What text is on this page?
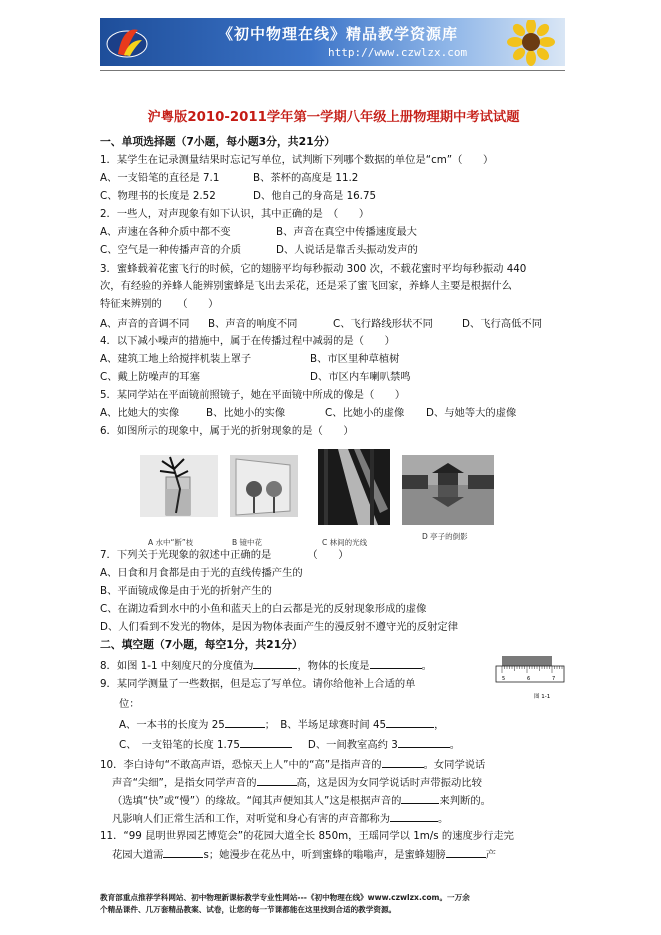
《初中物理在线》精品教学资源库
http://www.czwlzx.com
沪粤版2010-2011学年第一学期八年级上册物理期中考试试题
一、单项选择题（7小题，每小题3分，共21分）
1．某学生在记录测量结果时忘记写单位，试判断下列哪个数据的单位是“cm”（　　）
A、一支铅笔的直径是 7.1	B、茶杯的高度是 11.2
C、物理书的长度是 2.52	D、他自己的身高是 16.75
2．一些人，对声现象有如下认识，其中正确的是　（　　）
A、声速在各种介质中都不变	B、声音在真空中传播速度最大
C、空气是一种传播声音的介质	D、人说话是靠舌头振动发声的
3．蜜蜂载着花蜜飞行的时候，它的翅膀平均每秒振动 300 次，不载花蜜时平均每秒振动 440
次，有经验的养蜂人能辨别蜜蜂是飞出去采花，还是采了蜜飞回家，养蜂人主要是根据什么
特征来辨别的　　（　　）
A、声音的音调不同 B、声音的响度不同	C、飞行路线形状不同	D、飞行高低不同
4．以下减小噪声的措施中，属于在传播过程中减弱的是（　　）
A、建筑工地上给搅拌机装上罩子	B、市区里种草植树
C、戴上防噪声的耳塞	D、市区内车喇叭禁鸣
5．某同学站在平面镜前照镜子，她在平面镜中所成的像是（　　）
A、比她大的实像	B、比她小的实像	C、比她小的虚像 D、与她等大的虚像
6．如图所示的现象中，属于光的折射现象的是（　　）
A 水中“断”枝	B 镜中花	C 林间的光线
D 亭子的倒影
7．下列关于光现象的叙述中正确的是　　　　（　　）
A、日食和月食都是由于光的直线传播产生的
B、平面镜成像是由于光的折射产生的
C、在湖边看到水中的小鱼和蓝天上的白云都是光的反射现象形成的虚像
D、人们看到不发光的物体，是因为物体表面产生的漫反射不遵守光的反射定律
二、填空题（7小题，每空1分，共21分）
8．如图 1-1 中刻度尺的分度值为	，物体的长度是	。
5	6	7
图 1-1
9．某同学测量了一些数据，但是忘了写单位。请你给他补上合适的单
位：
A、一本书的长度为 25	；　B、半场足球赛时间 45	，
C、　一支铅笔的长度 1.75	D、一间教室高约 3	。
10．李白诗句“不敢高声语，恐惊天上人”中的“高”是指声音的	。女同学说话
声音“尖细”，是指女同学声音的	高，这是因为女同学说话时声带振动比较
（选填“快”或“慢”）的缘故。“闻其声便知其人”这是根据声音的	来判断的。
凡影响人们正常生活和工作，对听觉和身心有害的声音都称为	。
11．“99 昆明世界园艺博览会”的花园大道全长 850m，王瑶同学以 1m/s 的速度步行走完
花园大道需	s；她漫步在花丛中，听到蜜蜂的嗡嗡声，是蜜蜂翅膀	产
教育部重点推荐学科网站、初中物理新课标教学专业性网站---《初中物理在线》www.czwlzx.com。一万余
个精品课件、几万套精品教案、试卷，让您的每一节课都能在这里找到合适的教学资源。
